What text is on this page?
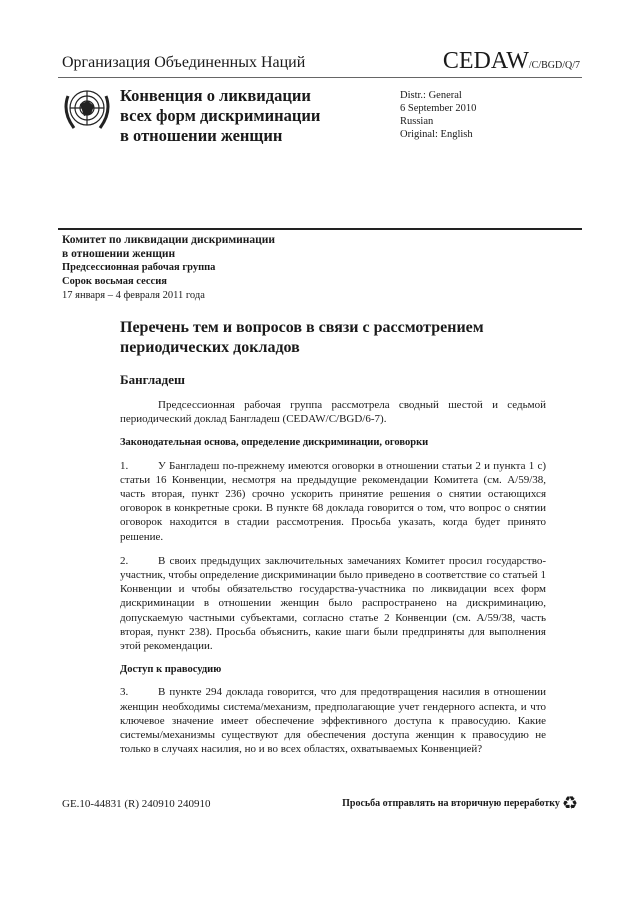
Организация Объединенных Наций	CEDAW/C/BGD/Q/7
Конвенция о ликвидации
всех форм дискриминации
в отношении женщин
Distr.: General
6 September 2010
Russian
Original: English
Комитет по ликвидации дискриминации
в отношении женщин
Предсессионная рабочая группа
Сорок восьмая сессия
17 января – 4 февраля 2011 года
Перечень тем и вопросов в связи с рассмотрением периодических докладов
Бангладеш

Предсессионная рабочая группа рассмотрела сводный шестой и седьмой периодический доклад Бангладеш (CEDAW/C/BGD/6-7).

Законодательная основа, определение дискриминации, оговорки

1.	У Бангладеш по-прежнему имеются оговорки в отношении статьи 2 и пункта 1 c) статьи 16 Конвенции, несмотря на предыдущие рекомендации Комитета (см. A/59/38, часть вторая, пункт 236) срочно ускорить принятие решения о снятии остающихся оговорок в конкретные сроки. В пункте 68 доклада говорится о том, что вопрос о снятии оговорок находится в стадии рассмотрения. Просьба указать, когда будет принято решение.

2.	В своих предыдущих заключительных замечаниях Комитет просил государство-участник, чтобы определение дискриминации было приведено в соответствие со статьей 1 Конвенции и чтобы обязательство государства-участника по ликвидации всех форм дискриминации в отношении женщин было распространено на дискриминацию, допускаемую частными субъектами, согласно статье 2 Конвенции (см. A/59/38, часть вторая, пункт 238). Просьба объяснить, какие шаги были предприняты для выполнения этой рекомендации.

Доступ к правосудию

3.	В пункте 294 доклада говорится, что для предотвращения насилия в отношении женщин необходимы система/механизм, предполагающие учет гендерного аспекта, и что ключевое значение имеет обеспечение эффективного доступа к правосудию. Какие системы/механизмы существуют для обеспечения доступа женщин к правосудию не только в случаях насилия, но и во всех областях, охватываемых Конвенцией?

GE.10-44831 (R) 240910 240910	Просьба отправлять на вторичную переработку ♻
